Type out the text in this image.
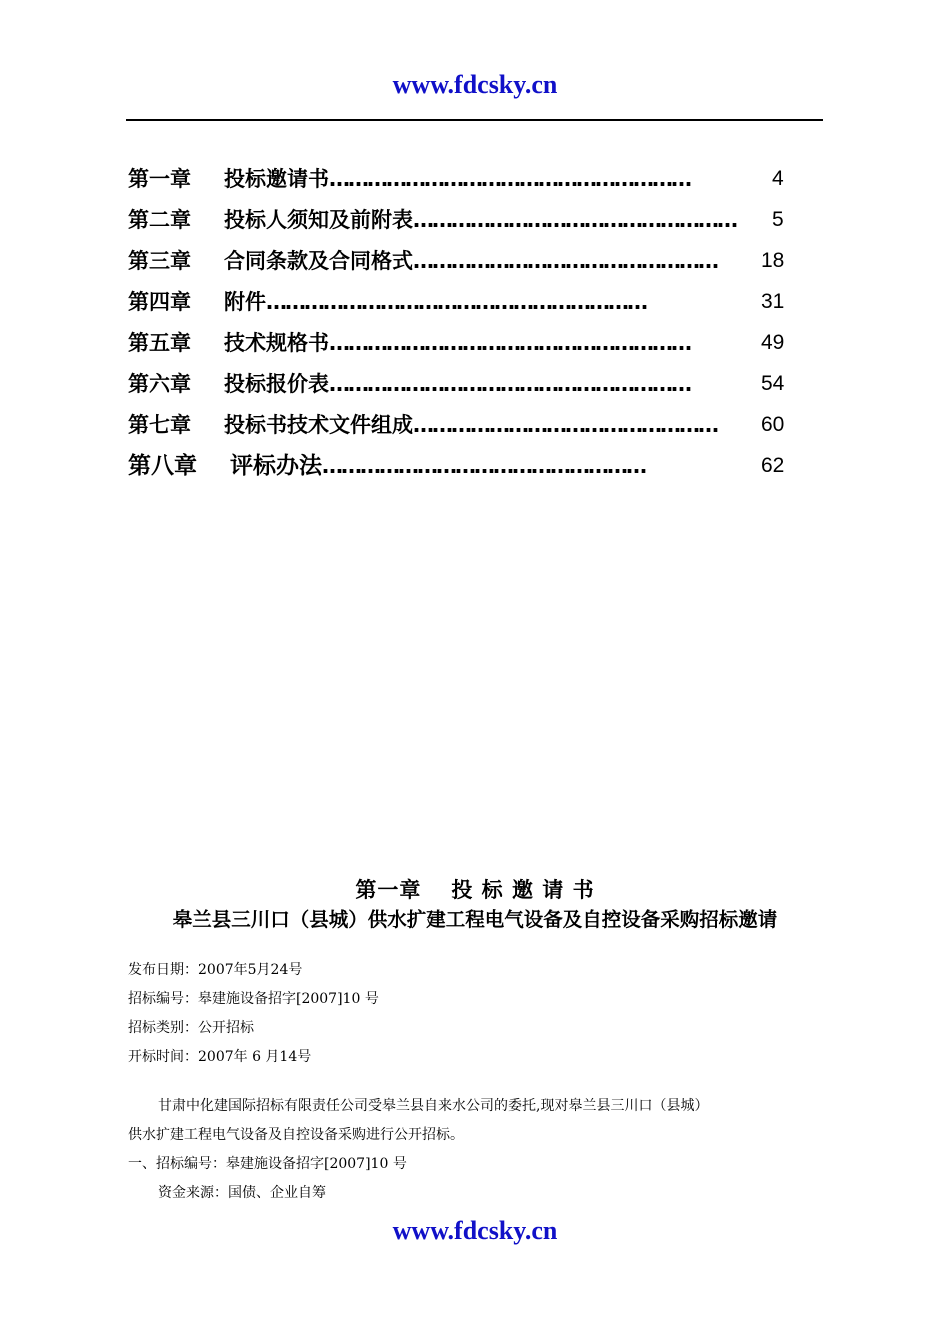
www.fdcsky.cn
第一章 投标邀请书…………………………………………………	4
第二章 投标人须知及前附表…………………………………………… 5
第三章 合同条款及合同格式………………………………………… 18
第四章 附件……………………………………………………	31
第五章 技术规格书…………………………………………………	49
第六章 投标报价表…………………………………………………	54
第七章 投标书技术文件组成………………………………………… 60
第八章 评标办法……………………………………………	62
第一章 投 标 邀 请 书
皋兰县三川口（县城）供水扩建工程电气设备及自控设备采购招标邀请
发布日期：2007年5月24号
招标编号：皋建施设备招字[2007]10 号
招标类别：公开招标
开标时间：2007年 6 月14号
甘肃中化建国际招标有限责任公司受皋兰县自来水公司的委托,现对皋兰县三川口（县城）
供水扩建工程电气设备及自控设备采购进行公开招标。
一、招标编号：皋建施设备招字[2007]10 号
资金来源：国债、企业自筹
www.fdcsky.cn
